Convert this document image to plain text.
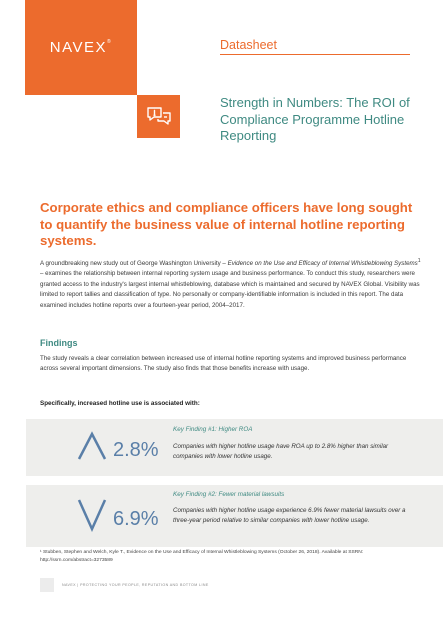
NAVEX®	Datasheet
Strength in Numbers: The ROI of Compliance Programme Hotline Reporting
Corporate ethics and compliance officers have long sought to quantify the business value of internal hotline reporting systems.

A groundbreaking new study out of George Washington University – Evidence on the Use and Efficacy of Internal Whistleblowing Systems$^1$ – examines the relationship between internal reporting system usage and business performance. To conduct this study, researchers were granted access to the industry's largest internal whistleblowing, database which is maintained and secured by NAVEX Global. Visibility was limited to report tallies and classification of type. No personally or company-identifiable information is included in this report. The data examined includes hotline reports over a fourteen-year period, 2004–2017.

Findings

The study reveals a clear correlation between increased use of internal hotline reporting systems and improved business performance across several important dimensions. The study also finds that those benefits increase with usage.

Specifically, increased hotline use is associated with:
2.8%
Key Finding #1: Higher ROA
Companies with higher hotline usage have ROA up to 2.8% higher than similar companies with lower hotline usage.
6.9%
Key Finding #2: Fewer material lawsuits
Companies with higher hotline usage experience 6.9% fewer material lawsuits over a three-year period relative to similar companies with lower hotline usage.

¹ Stubben, Stephen and Welch, Kyle T., Evidence on the Use and Efficacy of Internal Whistleblowing Systems (October 26, 2018). Available at SSRN: http://ssrn.com/abstract=3273589

NAVEX | PROTECTING YOUR PEOPLE, REPUTATION AND BOTTOM LINE
